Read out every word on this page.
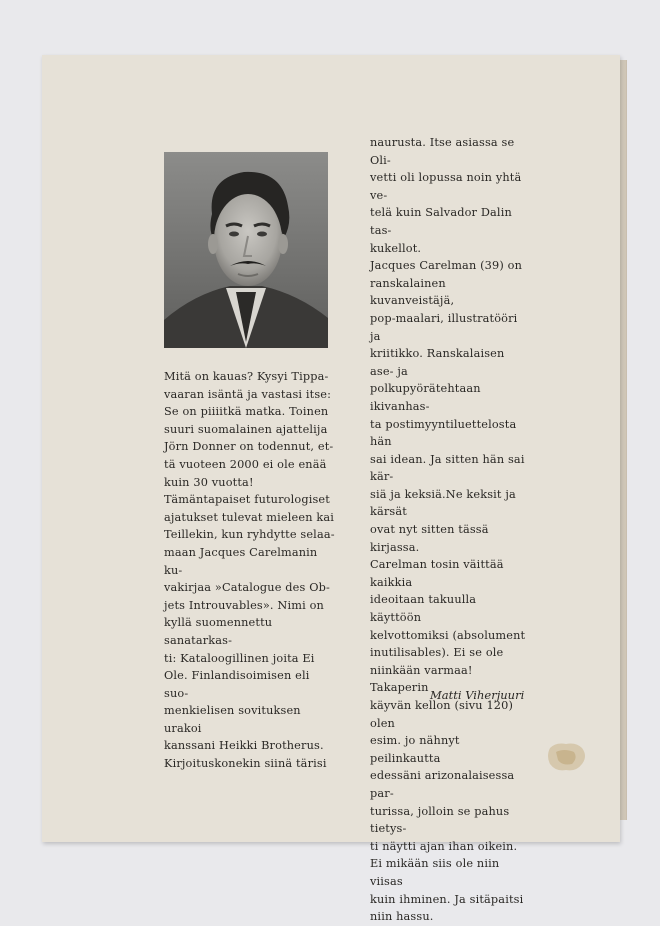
Mitä on kauas? Kysyi Tippa-

vaaran isäntä ja vastasi itse:

Se on piiiitkä matka. Toinen

suuri suomalainen ajattelija

Jörn Donner on todennut, et-

tä vuoteen 2000 ei ole enää

kuin 30 vuotta!

Tämäntapaiset futurologiset

ajatukset tulevat mieleen kai

Teillekin, kun ryhdytte selaa-

maan Jacques Carelmanin ku-

vakirjaa »Catalogue des Ob-

jets Introuvables». Nimi on

kyllä suomennettu sanatarkas-

ti: Kataloogillinen joita Ei

Ole. Finlandisoimisen eli suo-

menkielisen sovituksen urakoi

kanssani Heikki Brotherus.

Kirjoituskonekin siinä tärisi

naurusta. Itse asiassa se Oli-

vetti oli lopussa noin yhtä ve-

telä kuin Salvador Dalin tas-

kukellot.

Jacques Carelman (39) on

ranskalainen kuvanveistäjä,

pop-maalari, illustratööri ja

kriitikko. Ranskalaisen ase- ja

polkupyörätehtaan ikivanhas-

ta postimyyntiluettelosta hän

sai idean. Ja sitten hän sai kär-

siä ja keksiä.Ne keksit ja kärsät

ovat nyt sitten tässä kirjassa.

Carelman tosin väittää kaikkia

ideoitaan takuulla käyttöön

kelvottomiksi (absolument

inutilisables). Ei se ole

niinkään varmaa! Takaperin

käyvän kellon (sivu 120) olen

esim. jo nähnyt peilinkautta

edessäni arizonalaisessa par-

turissa, jolloin se pahus tietys-

ti näytti ajan ihan oikein.

Ei mikään siis ole niin viisas

kuin ihminen. Ja sitäpaitsi

niin hassu.

Matti Viherjuuri
